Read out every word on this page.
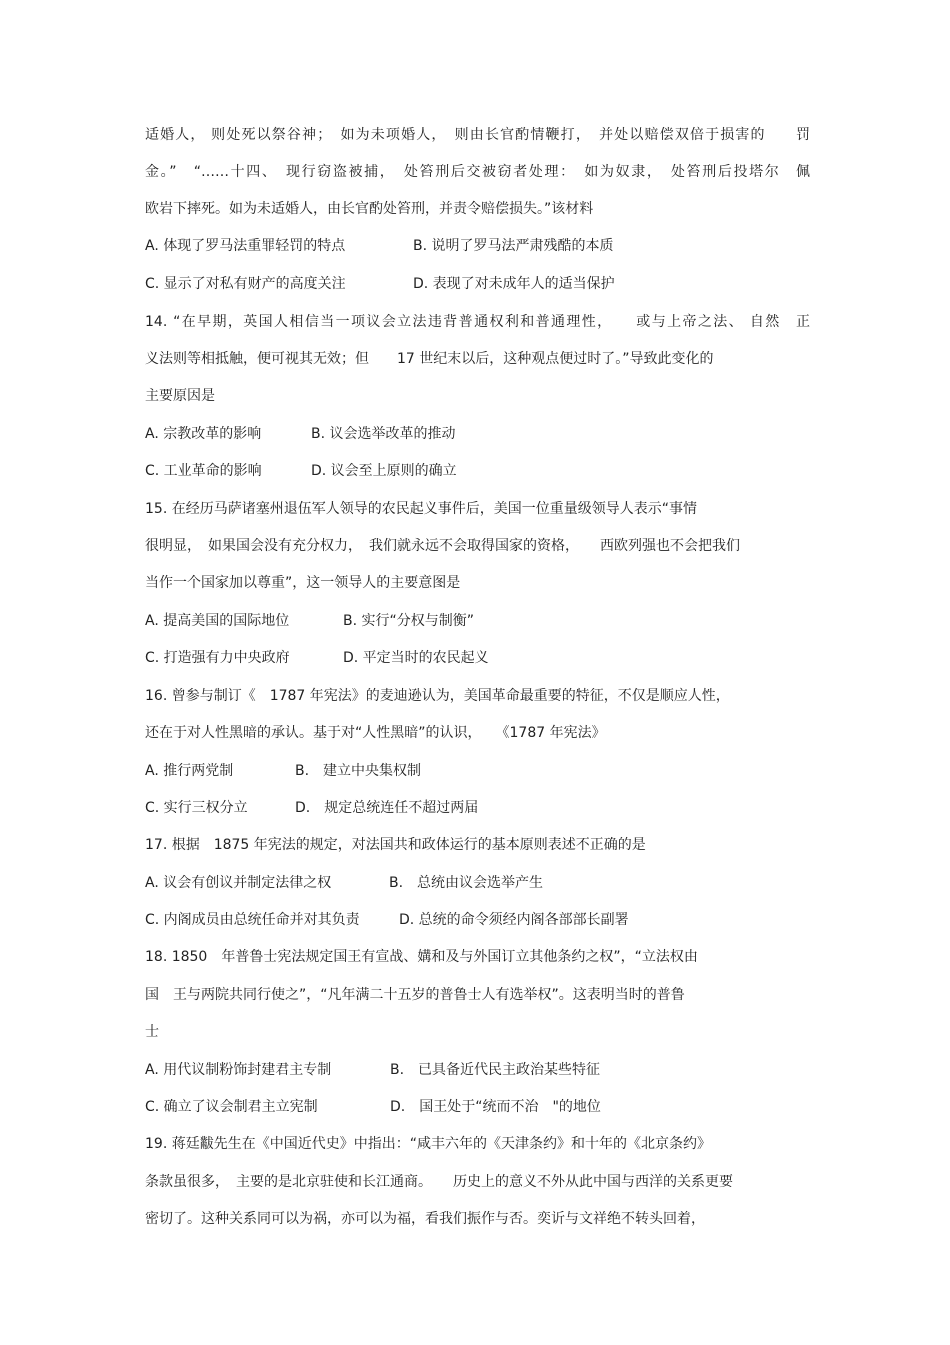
适婚人， 则处死以祭谷神；　如为未项婚人，　则由长官酌情鞭打，　并处以赔偿双倍于损害的　　罚
金。”　“……十四、　现行窃盗被捕，　处笞刑后交被窃者处理：　如为奴隶，　处笞刑后投塔尔　佩
欧岩下摔死。如为未适婚人，由长官酌处笞刑，并责令赔偿损失。”该材料
A. 体现了罗马法重罪轻罚的特点	B. 说明了罗马法严肃残酷的本质
C. 显示了对私有财产的高度关注	D. 表现了对未成年人的适当保护
14. “在早期，英国人相信当一项议会立法违背普通权利和普通理性，　　或与上帝之法、 自然　正
义法则等相抵触，便可视其无效；但　　17 世纪末以后，这种观点便过时了。”导致此变化的
主要原因是
A. 宗教改革的影响	B. 议会选举改革的推动
C. 工业革命的影响	D. 议会至上原则的确立
15. 在经历马萨诸塞州退伍军人领导的农民起义事件后，美国一位重量级领导人表示“事情
很明显，　如果国会没有充分权力，　我们就永远不会取得国家的资格，　　西欧列强也不会把我们
当作一个国家加以尊重”，这一领导人的主要意图是
A. 提高美国的国际地位	B. 实行“分权与制衡”
C. 打造强有力中央政府	D. 平定当时的农民起义
16. 曾参与制订《　1787 年宪法》的麦迪逊认为，美国革命最重要的特征，不仅是顺应人性，
还在于对人性黑暗的承认。基于对“人性黑暗”的认识，　　《1787 年宪法》
A. 推行两党制	B.　建立中央集权制
C. 实行三权分立	D.　规定总统连任不超过两届
17. 根据　1875 年宪法的规定，对法国共和政体运行的基本原则表述不正确的是
A. 议会有创议并制定法律之权	B.　总统由议会选举产生
C. 内阁成员由总统任命并对其负责	D. 总统的命令须经内阁各部部长副署
18. 1850　年普鲁士宪法规定国王有宣战、媾和及与外国订立其他条约之权”，“立法权由
国　王与两院共同行使之”，“凡年满二十五岁的普鲁士人有选举权”。这表明当时的普鲁
士
A. 用代议制粉饰封建君主专制	B.　已具备近代民主政治某些特征
C. 确立了议会制君主立宪制	D.　国王处于“统而不治　"的地位
19. 蒋廷黻先生在《中国近代史》中指出：“咸丰六年的《天津条约》和十年的《北京条约》
条款虽很多，　主要的是北京驻使和长江通商。　　历史上的意义不外从此中国与西洋的关系更要
密切了。这种关系同可以为祸，亦可以为福，看我们振作与否。奕䜣与文祥绝不转头回着，
